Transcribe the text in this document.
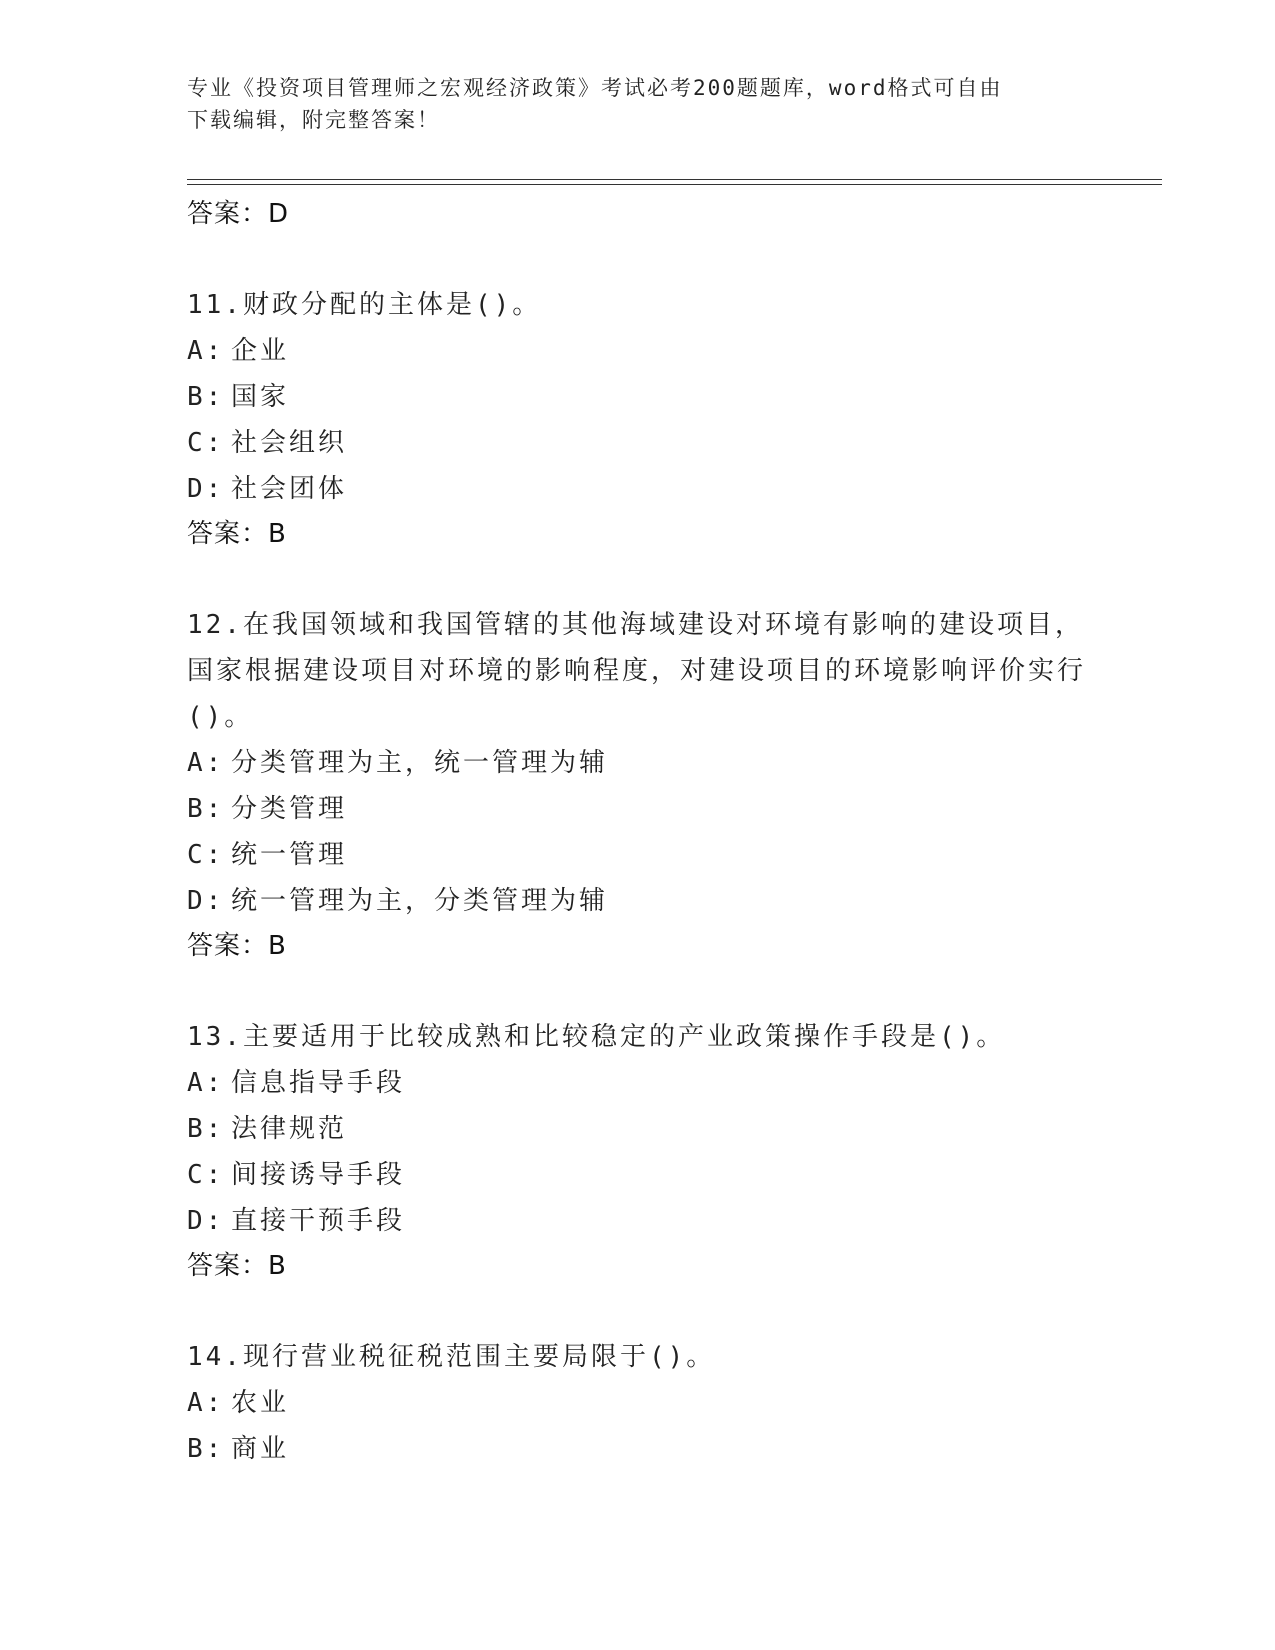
专业《投资项目管理师之宏观经济政策》考试必考200题题库，word格式可自由
下载编辑，附完整答案！
答案：D
11.财政分配的主体是()。
A: 企业
B: 国家
C: 社会组织
D: 社会团体
答案：B
12.在我国领域和我国管辖的其他海域建设对环境有影响的建设项目，国家根据建设项目对环境的影响程度，对建设项目的环境影响评价实行()。
A: 分类管理为主，统一管理为辅
B: 分类管理
C: 统一管理
D: 统一管理为主，分类管理为辅
答案：B
13.主要适用于比较成熟和比较稳定的产业政策操作手段是()。
A: 信息指导手段
B: 法律规范
C: 间接诱导手段
D: 直接干预手段
答案：B
14.现行营业税征税范围主要局限于()。
A: 农业
B: 商业
